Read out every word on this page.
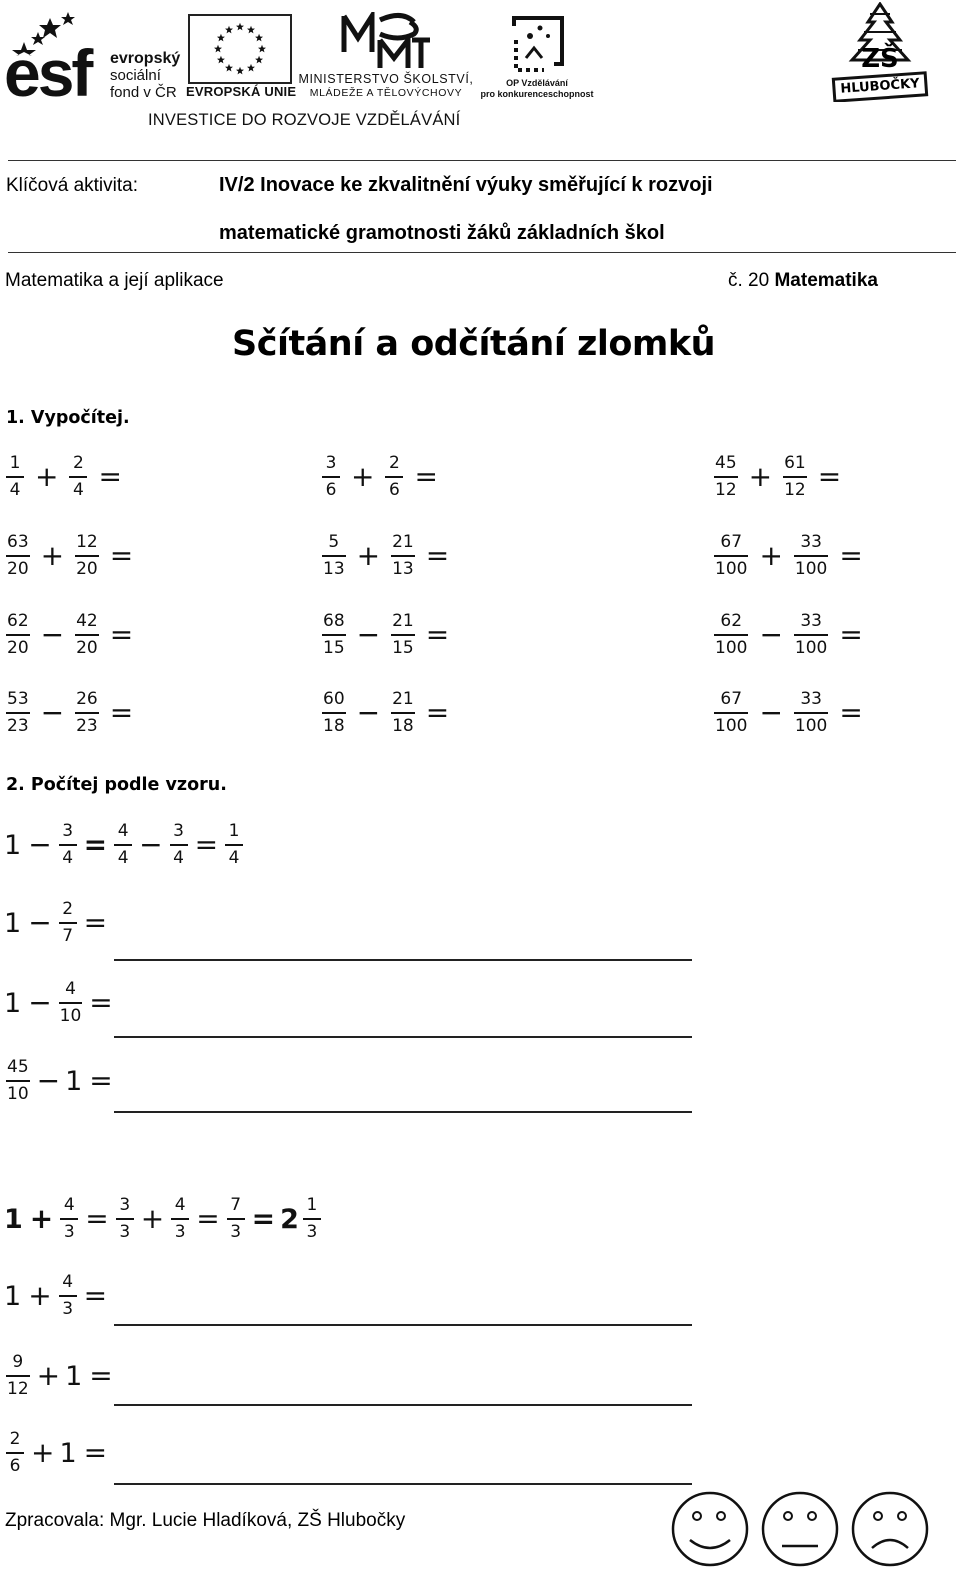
esf evropský
sociální
fond v ČR EVROPSKÁ UNIE
MINISTERSTVO ŠKOLSTVÍ,
MLÁDEŽE A TĚLOVÝCHOVY
OP Vzdělávání
pro konkurenceschopnost
ZŠ
HLUBOČKY
INVESTICE DO ROZVOJE VZDĚLÁVÁNÍ
Klíčová aktivita:	IV/2 Inovace ke zkvalitnění výuky směřující k rozvoji
matematické gramotnosti žáků základních škol
Matematika a její aplikace	č. 20 Matematika
Sčítání a odčítání zlomků
1. Vypočítej.
$\frac{1}{4} + \frac{2}{4}$ =
$\frac{63}{20} + \frac{12}{20}$ =
$\frac{62}{20} - \frac{42}{20}$ =
$\frac{53}{23} - \frac{26}{23}$ =
$\frac{3}{6} + \frac{2}{6}$ =
$\frac{5}{13} + \frac{21}{13}$ =
$\frac{68}{15} - \frac{21}{15}$ =
$\frac{60}{18} - \frac{21}{18}$ =
$\frac{45}{12} + \frac{61}{12}$ =
$\frac{67}{100} + \frac{33}{100}$ =
$\frac{62}{100} - \frac{33}{100}$ =
$\frac{67}{100} - \frac{33}{100}$ =
2. Počítej podle vzoru.
$1 - \frac{3}{4} = \frac{4}{4} - \frac{3}{4} = \frac{1}{4}$
$1 - \frac{2}{7}$ =
$1 - \frac{4}{10}$ =
$\frac{45}{10} - 1$ =
$1 + \frac{4}{3} = \frac{3}{3} + \frac{4}{3} = \frac{7}{3} = 2 \frac{1}{3}$
$1 + \frac{4}{3}$ =
$\frac{9}{12} + 1$ =
$\frac{2}{6} + 1$ =
Zpracovala: Mgr. Lucie Hladíková, ZŠ Hlubočky
